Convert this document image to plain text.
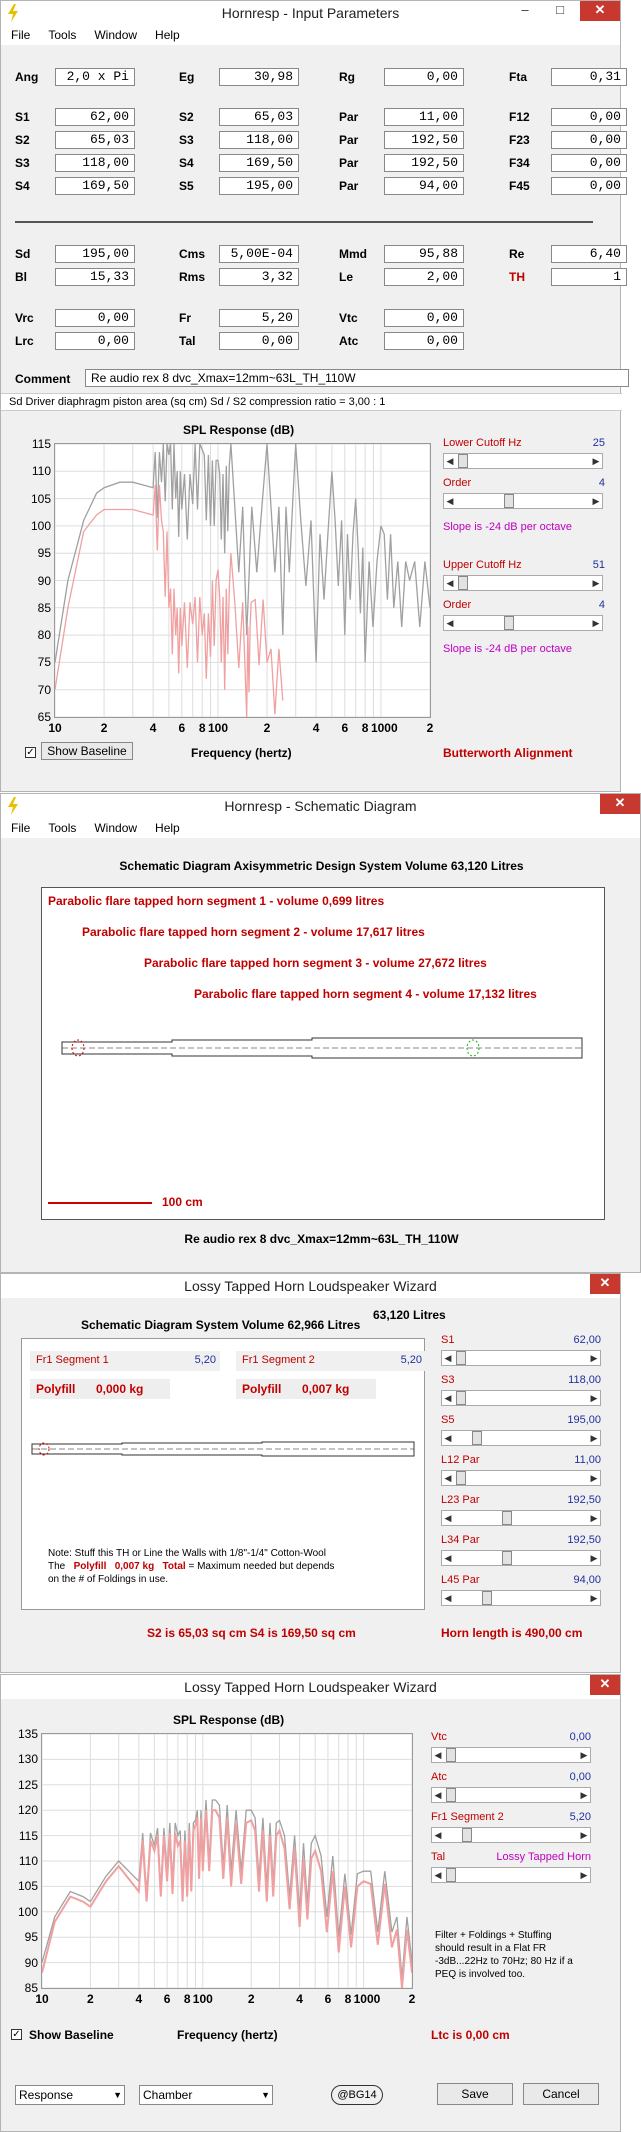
Hornresp - Input Parameters	–	□	✕
File Tools Window Help
Ang	2,0 x Pi	Eg	30,98	Rg	0,00	Fta	0,31
S1	62,00	S2	65,03	Par	11,00	F12	0,00
S2	65,03	S3	118,00	Par	192,50	F23	0,00
S3	118,00	S4	169,50	Par	192,50	F34	0,00
S4	169,50	S5	195,00	Par	94,00	F45	0,00
Sd	195,00	Cms	5,00E-04	Mmd	95,88	Re	6,40
Bl	15,33	Rms	3,32	Le	2,00	TH	1
Vrc	0,00	Fr	5,20	Vtc	0,00
Lrc	0,00	Tal	0,00	Atc	0,00
Comment	Re audio rex 8 dvc_Xmax=12mm~63L_TH_110W
Sd Driver diaphragm piston area (sq cm) Sd / S2 compression ratio = 3,00 : 1
SPL Response (dB)
65
70
75
80
85
90
95
100
105
110
115
10	2	4	6	8 100	2	4	6	8 1000	2
Lower Cutoff Hz	25
◀	▶
Order	4
◀	▶
Slope is -24 dB per octave
Upper Cutoff Hz	51
◀	▶
Order	4
◀	▶
Slope is -24 dB per octave
✓	Show Baseline	Frequency (hertz)	Butterworth Alignment
Hornresp - Schematic Diagram	✕
File Tools Window Help
Schematic Diagram Axisymmetric Design System Volume 63,120 Litres
Parabolic flare tapped horn segment 1 - volume 0,699 litres
Parabolic flare tapped horn segment 2 - volume 17,617 litres
Parabolic flare tapped horn segment 3 - volume 27,672 litres
Parabolic flare tapped horn segment 4 - volume 17,132 litres
100 cm
Re audio rex 8 dvc_Xmax=12mm~63L_TH_110W
Lossy Tapped Horn Loudspeaker Wizard	✕
Schematic Diagram System Volume 62,966 Litres
63,120 Litres
Fr1 Segment 1	5,20 Fr1 Segment 2	5,20
Polyfill 0,000 kg	Polyfill 0,007 kg
Note: Stuff this TH or Line the Walls with 1/8"-1/4" Cotton-Wool
The Polyfill 0,007 kg Total = Maximum needed but depends
on the # of Foldings in use.
S2 is 65,03 sq cm S4 is 169,50 sq cm	Horn length is 490,00 cm
S1	62,00
◀	▶
S3	118,00
◀	▶
S5	195,00
◀	▶
L12 Par	11,00
◀	▶
L23 Par	192,50
◀	▶
L34 Par	192,50
◀	▶
L45 Par	94,00
◀	▶
Lossy Tapped Horn Loudspeaker Wizard	✕
SPL Response (dB)
85
90
95
100
105
110
115
120
125
130
135
10	2	4	6	8 100	2	4	6	8 1000	2
Vtc	0,00
◀	▶
Atc	0,00
◀	▶
Fr1 Segment 2	5,20
◀	▶
Tal	Lossy Tapped Horn
◀	▶
Filter + Foldings + Stuffing
should result in a Flat FR
-3dB...22Hz to 70Hz; 80 Hz if a
PEQ is involved too.
✓ Show Baseline	Frequency (hertz)	Ltc is 0,00 cm
Response	▼	Chamber	▼	@BG14	Save	Cancel
